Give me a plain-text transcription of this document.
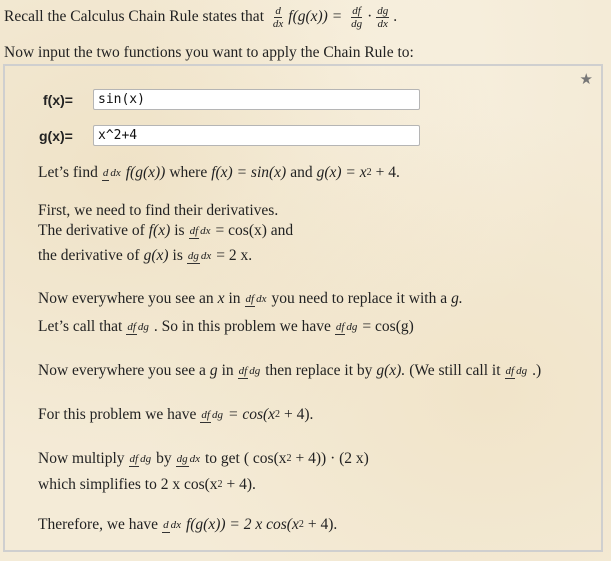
Recall the Calculus Chain Rule states that $\frac{d}{dx} f(g(x)) = \frac{df}{dg} \cdot \frac{dg}{dx}$ .
Now input the two functions you want to apply the Chain Rule to:
★
f(x)=
sin(x)
g(x)=
x^2+4
Let’s find d dx f(g(x)) where f(x) = sin(x) and g(x) = x 2 + 4.
First, we need to find their derivatives.
The derivative of f(x) is df dx = cos(x) and
the derivative of g(x) is dg dx = 2 x.
Now everywhere you see an x in df dx you need to replace it with a g.
Let’s call that df dg . So in this problem we have df dg = cos(g)
Now everywhere you see a g in df dg then replace it by g(x). (We still call it df dg .)
For this problem we have df dg = cos(x 2 + 4).
Now multiply df dg by dg dx to get ( cos(x 2 + 4)) · (2 x)
which simplifies to 2 x cos(x 2 + 4).
Therefore, we have d dx f(g(x)) = 2 x cos(x 2 + 4).
